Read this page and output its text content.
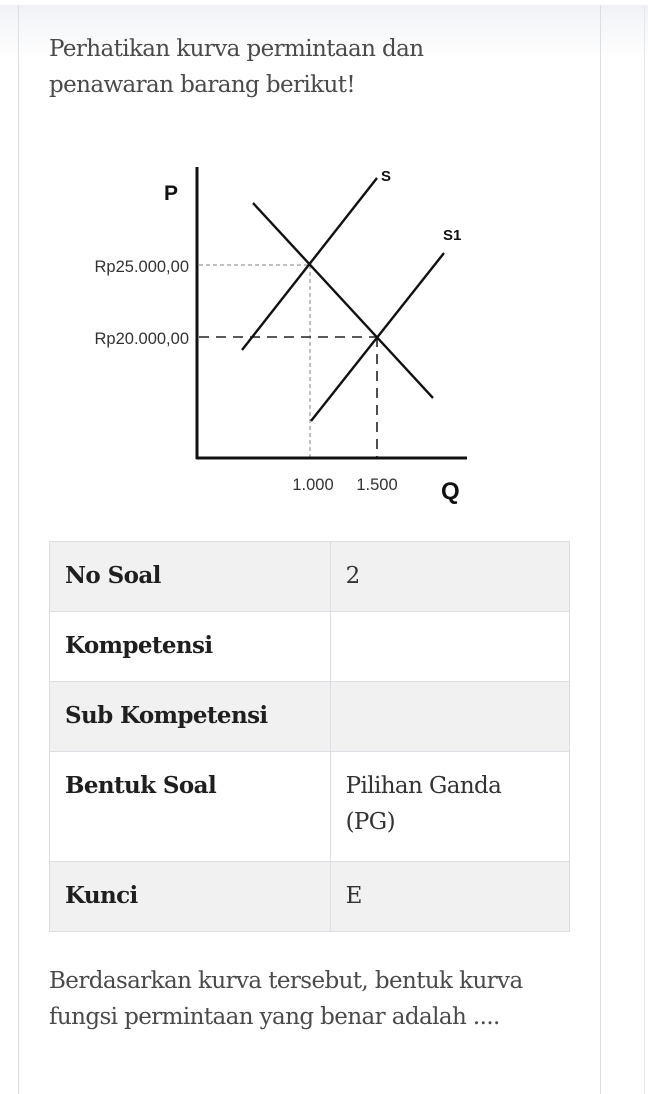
Perhatikan kurva permintaan dan penawaran barang berikut!

P
Q
S
S1
Rp25.000,00
Rp20.000,00
1.000 1.500
No Soal	2
Kompetensi	
Sub Kompetensi	
Bentuk Soal	Pilihan Ganda (PG)
Kunci	E

Berdasarkan kurva tersebut, bentuk kurva fungsi permintaan yang benar adalah ....
